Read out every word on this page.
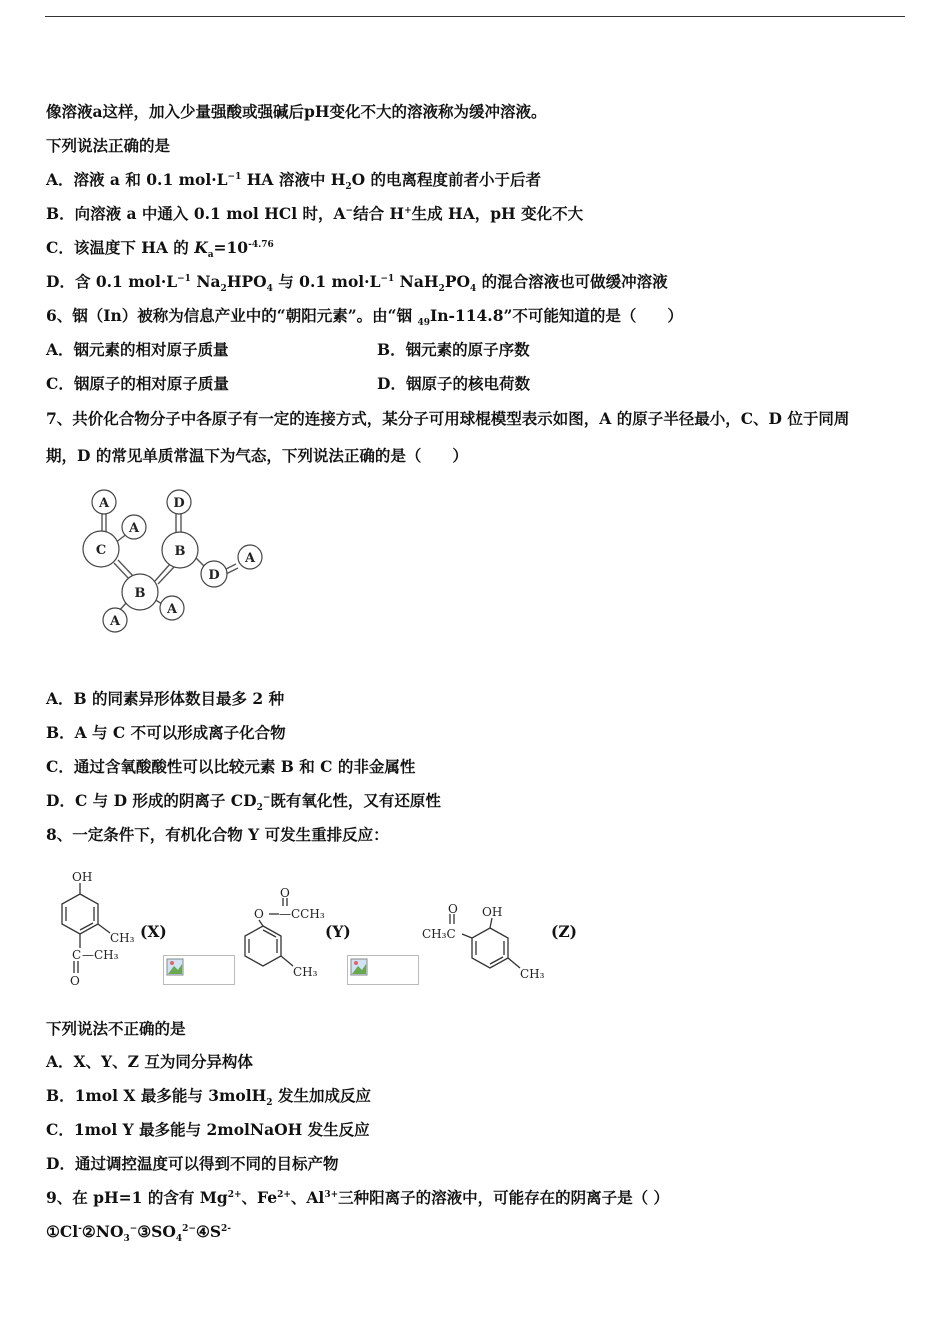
像溶液a这样，加入少量强酸或强碱后pH变化不大的溶液称为缓冲溶液。
下列说法正确的是
A．溶液 a 和 0.1 $mol\cdot L^{-1}$ HA 溶液中 $H_2O$ 的电离程度前者小于后者
B．向溶液 a 中通入 0.1 mol HCl 时，A−结合 H+生成 HA，pH 变化不大
C．该温度下 HA 的 $K_a=10^{-4.76}$
D．含 0.1 $mol\cdot L^{-1}$ $Na_2HPO_4$ 与 0.1 $mol\cdot L^{-1}$ $NaH_2PO_4$ 的混合溶液也可做缓冲溶液
6、铟（In）被称为信息产业中的“朝阳元素”。由“铟 $_{49}$In-114.8”不可能知道的是（　　）
A．铟元素的相对原子质量	B．铟元素的原子序数
C．铟原子的相对原子质量	D．铟原子的核电荷数
7、共价化合物分子中各原子有一定的连接方式，某分子可用球棍模型表示如图，A 的原子半径最小，C、D 位于同周
期，D 的常见单质常温下为气态，下列说法正确的是（　　）
A
A
C
D
B	A
D
B
A
A
A．B 的同素异形体数目最多 2 种
B．A 与 C 不可以形成离子化合物
C．通过含氧酸酸性可以比较元素 B 和 C 的非金属性
D．C 与 D 形成的阴离子 $CD_2^-$既有氧化性，又有还原性
8、一定条件下，有机化合物 Y 可发生重排反应：
OH
CH₃
C —CH₃
O
(X)
O
O —CCH₃
CH₃
(Y)
O OH
CH₃C
CH₃
(Z)
下列说法不正确的是
A．X、Y、Z 互为同分异构体
B．1mol X 最多能与 3molH$_2$ 发生加成反应
C．1mol Y 最多能与 2molNaOH 发生反应
D．通过调控温度可以得到不同的目标产物
9、在 pH=1 的含有 $Mg^{2+}$、$Fe^{2+}$、$Al^{3+}$三种阳离子的溶液中，可能存在的阴离子是（ ）
$①Cl^-②NO_3^-③SO_4^{2-}④S^{2-}$
